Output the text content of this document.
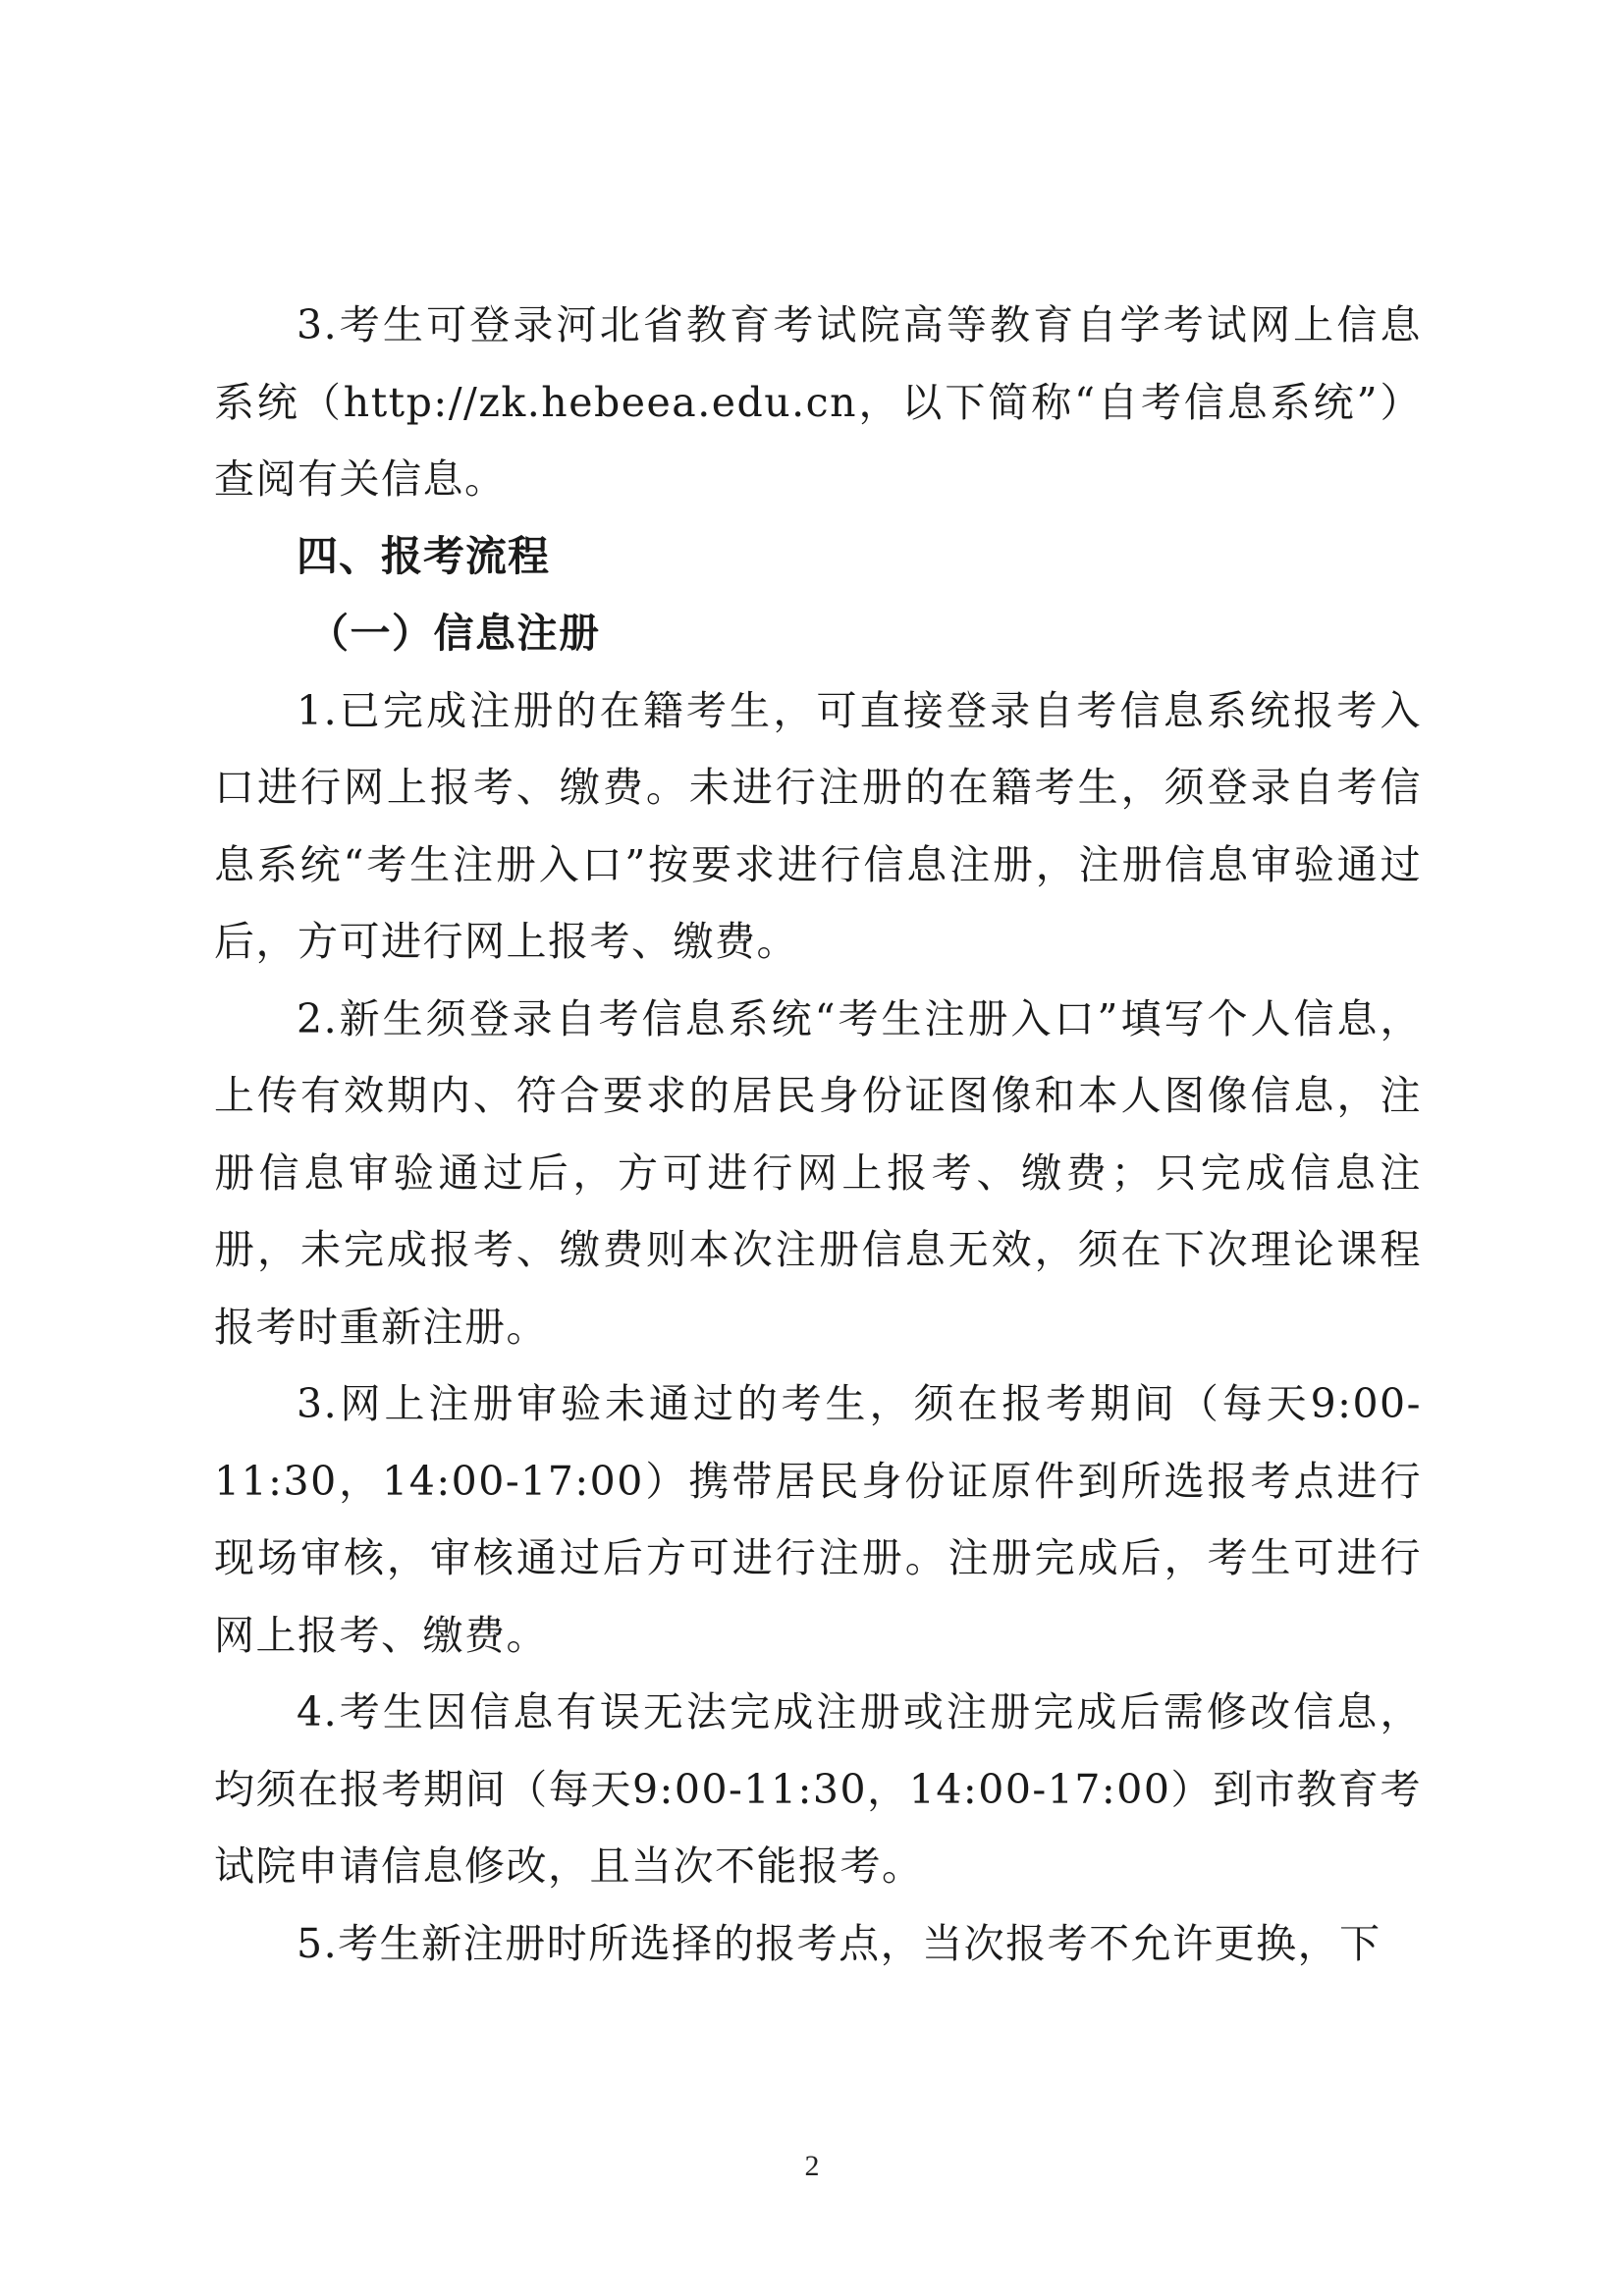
3.考生可登录河北省教育考试院高等教育自学考试网上信息系统（http://zk.hebeea.edu.cn，以下简称“自考信息系统”）查阅有关信息。

四、报考流程

（一）信息注册

1.已完成注册的在籍考生，可直接登录自考信息系统报考入口进行网上报考、缴费。未进行注册的在籍考生，须登录自考信息系统“考生注册入口”按要求进行信息注册，注册信息审验通过后，方可进行网上报考、缴费。

2.新生须登录自考信息系统“考生注册入口”填写个人信息，上传有效期内、符合要求的居民身份证图像和本人图像信息，注册信息审验通过后，方可进行网上报考、缴费；只完成信息注册，未完成报考、缴费则本次注册信息无效，须在下次理论课程报考时重新注册。

3.网上注册审验未通过的考生，须在报考期间（每天9:00-11:30，14:00-17:00）携带居民身份证原件到所选报考点进行现场审核，审核通过后方可进行注册。注册完成后，考生可进行网上报考、缴费。

4.考生因信息有误无法完成注册或注册完成后需修改信息，均须在报考期间（每天9:00-11:30，14:00-17:00）到市教育考试院申请信息修改，且当次不能报考。

5.考生新注册时所选择的报考点，当次报考不允许更换，下

2
